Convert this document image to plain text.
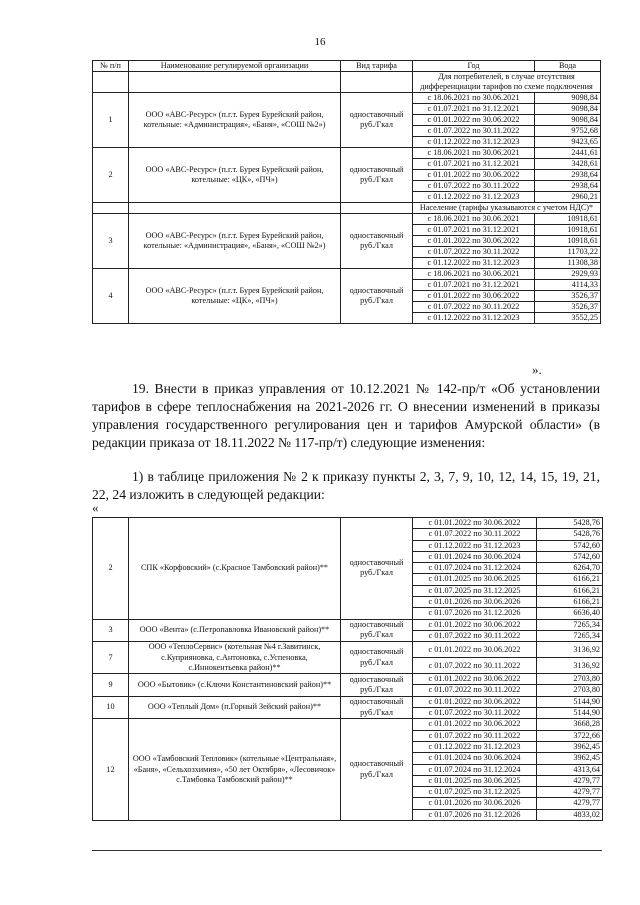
16
№ п/п	Наименование регулируемой организации	Вид тарифа	Год	Вода
			Для потребителей, в случае отсутствия дифференциации тарифов по схеме подключения	
1	ООО «АВС-Ресурс» (п.г.т. Бурея Бурейский район, котельные: «Администрация», «Баня», «СОШ №2»)	одноставочный руб./Гкал	с 18.06.2021 по 30.06.2021	9098,84
			с 01.07.2021 по 31.12.2021	9098,84
			с 01.01.2022 по 30.06.2022	9098,84
			с 01.07.2022 по 30.11.2022	9752,68
			с 01.12.2022 по 31.12.2023	9423,65
2	ООО «АВС-Ресурс» (п.г.т. Бурея Бурейский район, котельные: «ЦК», «ПЧ»)	одноставочный руб./Гкал	с 18.06.2021 по 30.06.2021	2441,61
			с 01.07.2021 по 31.12.2021	3428,61
			с 01.01.2022 по 30.06.2022	2938,64
			с 01.07.2022 по 30.11.2022	2938,64
			с 01.12.2022 по 31.12.2023	2960,21
			Население (тарифы указываются с учетом НДС)*	
3	ООО «АВС-Ресурс» (п.г.т. Бурея Бурейский район, котельные: «Администрация», «Баня», «СОШ №2»)	одноставочный руб./Гкал	с 18.06.2021 по 30.06.2021	10918,61
			с 01.07.2021 по 31.12.2021	10918,61
			с 01.01.2022 по 30.06.2022	10918,61
			с 01.07.2022 по 30.11.2022	11703,22
			с 01.12.2022 по 31.12.2023	11308,38
4	ООО «АВС-Ресурс» (п.г.т. Бурея Бурейский район, котельные: «ЦК», «ПЧ»)	одноставочный руб./Гкал	с 18.06.2021 по 30.06.2021	2929,93
			с 01.07.2021 по 31.12.2021	4114,33
			с 01.01.2022 по 30.06.2022	3526,37
			с 01.07.2022 по 30.11.2022	3526,37
			с 01.12.2022 по 31.12.2023	3552,25
».

19. Внести в приказ управления от 10.12.2021 № 142-пр/т «Об установлении тарифов в сфере теплоснабжения на 2021-2026 гг. О внесении изменений в приказы управления государственного регулирования цен и тарифов Амурской области» (в редакции приказа от 18.11.2022 № 117-пр/т) следующие изменения:

1) в таблице приложения № 2 к приказу пункты 2, 3, 7, 9, 10, 12, 14, 15, 19, 21, 22, 24 изложить в следующей редакции:

«
2	СПК «Корфовский» (с.Красное Тамбовский район)**	одноставочный руб./Гкал	с 01.01.2022 по 30.06.2022	5428,76
			с 01.07.2022 по 30.11.2022	5428,76
			с 01.12.2022 по 31.12.2023	5742,60
			с 01.01.2024 по 30.06.2024	5742,60
			с 01.07.2024 по 31.12.2024	6264,70
			с 01.01.2025 по 30.06.2025	6166,21
			с 01.07.2025 по 31.12.2025	6166,21
			с 01.01.2026 по 30.06.2026	6166,21
			с 01.07.2026 по 31.12.2026	6636,40
3	ООО «Вента» (с.Петропавловка Ивановский район)**	одноставочный руб./Гкал	с 01.01.2022 по 30.06.2022	7265,34
			с 01.07.2022 по 30.11.2022	7265,34
7	ООО «ТеплоСервис» (котельная №4 г.Завитинск, с.Куприяновка, с.Антоновка, с.Успеновка, с.Иннокентьевка район)**	одноставочный руб./Гкал	с 01.01.2022 по 30.06.2022	3136,92
			с 01.07.2022 по 30.11.2022	3136,92
9	ООО «Бытовик» (с.Ключи Константиновский район)**	одноставочный руб./Гкал	с 01.01.2022 по 30.06.2022	2703,80
			с 01.07.2022 по 30.11.2022	2703,80
10	ООО «Теплый Дом» (п.Горный Зейский район)**	одноставочный руб./Гкал	с 01.01.2022 по 30.06.2022	5144,90
			с 01.07.2022 по 30.11.2022	5144,90
12	ООО «Тамбовский Тепловик» (котельные «Центральная», «Баня», «Сельхозхимия», «50 лет Октября», «Лесовичок» с.Тамбовка Тамбовский район)**	одноставочный руб./Гкал	с 01.01.2022 по 30.06.2022	3668,28
			с 01.07.2022 по 30.11.2022	3722,66
			с 01.12.2022 по 31.12.2023	3962,45
			с 01.01.2024 по 30.06.2024	3962,45
			с 01.07.2024 по 31.12.2024	4313,64
			с 01.01.2025 по 30.06.2025	4279,77
			с 01.07.2025 по 31.12.2025	4279,77
			с 01.01.2026 по 30.06.2026	4279,77
			с 01.07.2026 по 31.12.2026	4833,02
